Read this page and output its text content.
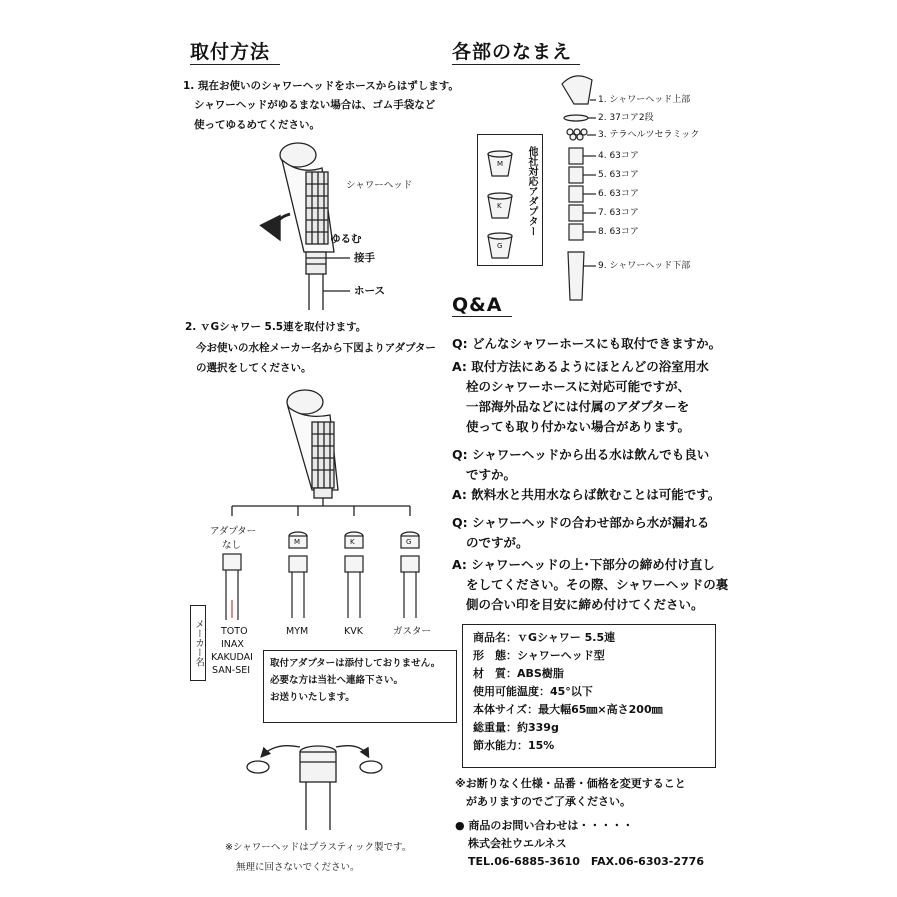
取付方法
1. 現在お使いのシャワーヘッドをホースからはずします。
シャワーヘッドがゆるまない場合は、ゴム手袋など
使ってゆるめてください。
シャワーヘッド
ゆるむ
接手
ホース
2. ｖGシャワー 5.5連を取付けます。
今お使いの水栓メーカー名から下図よりアダプター
の選択をしてください。
アダプター
なし	M	K	G
TOTO
INAX
KAKUDAI
SAN-SEI
MYM	KVK	ガスター
メーカー名	取付アダプターは添付しておりません。
必要な方は当社へ連絡下さい。
お送りいたします。
※シャワーヘッドはプラスティック製です。
無理に回さないでください。
各部のなまえ
他社対応アダプター
M
K
G
1. シャワーヘッド上部
2. 37コア2段
3. テラヘルツセラミック
4. 63コア
5. 63コア
6. 63コア
7. 63コア
8. 63コア
9. シャワーヘッド下部
Q&A
Q: どんなシャワーホースにも取付できますか。
A: 取付方法にあるようにほとんどの浴室用水
栓のシャワーホースに対応可能ですが、
一部海外品などには付属のアダプターを
使っても取り付かない場合があります。
Q: シャワーヘッドから出る水は飲んでも良い
ですか。
A: 飲料水と共用水ならば飲むことは可能です。
Q: シャワーヘッドの合わせ部から水が漏れる
のですが。
A: シャワーヘッドの上･下部分の締め付け直し
をしてください。その際、シャワーヘッドの裏
側の合い印を目安に締め付けてください。
商品名：ｖGシャワー 5.5連
形　態：シャワーヘッド型
材　質：ABS樹脂
使用可能温度：45°以下
本体サイズ：最大幅65㎜×高さ200㎜
総重量：約339g
節水能力：15%
※お断りなく仕様・品番・価格を変更すること
があリますのでご了承ください。
● 商品のお問い合わせは・・・・・
株式会社ウエルネス
TEL.06-6885-3610　FAX.06-6303-2776
